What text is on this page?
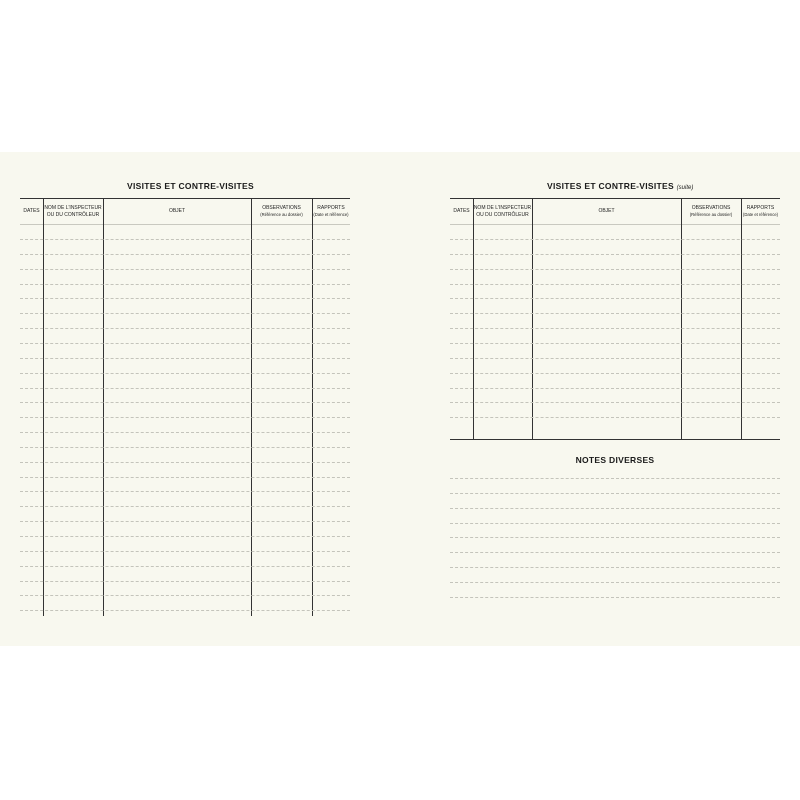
VISITES ET CONTRE-VISITES
DATES NOM DE L'INSPECTEUR
OU DU CONTRÔLEUR
OBJET	OBSERVATIONS
(Référence au dossier)
RAPPORTS
(Date et référence)
VISITES ET CONTRE-VISITES (suite)
DATES NOM DE L'INSPECTEUR
OU DU CONTRÔLEUR
OBJET	OBSERVATIONS
(Référence au dossier)
RAPPORTS
(Date et référence)
NOTES DIVERSES
